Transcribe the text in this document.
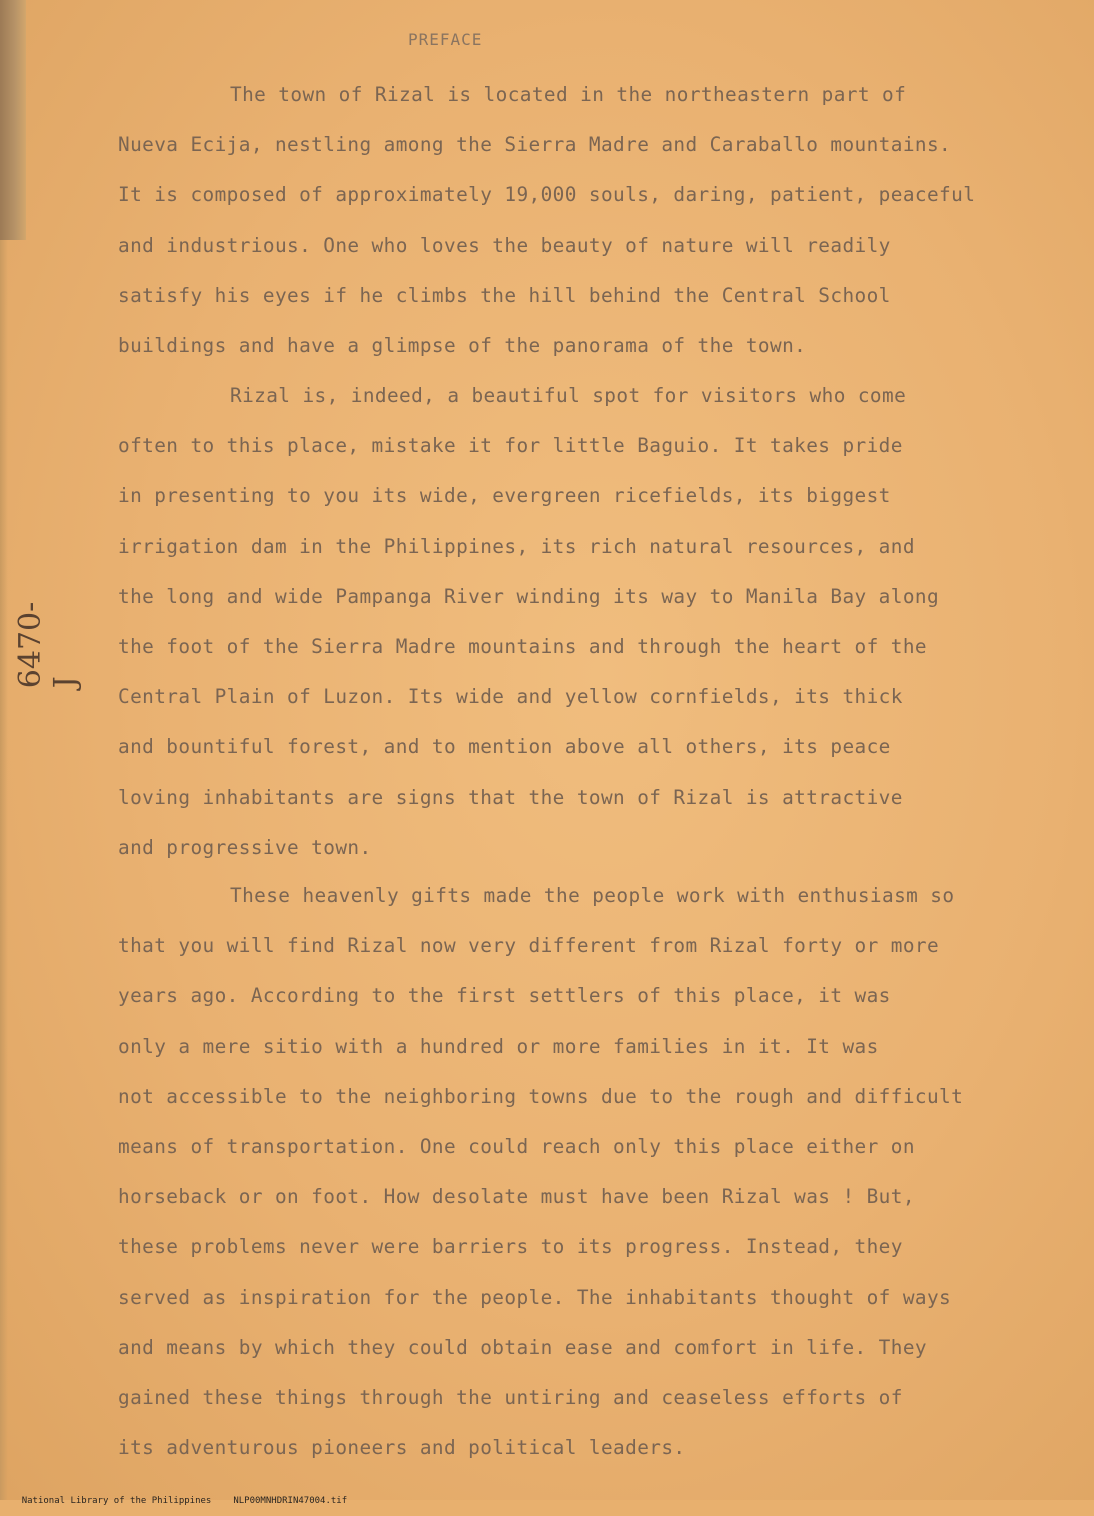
PREFACE
6470-J
The town of Rizal is located in the northeastern part of
Nueva Ecija, nestling among the Sierra Madre and Caraballo mountains.
It is composed of approximately 19,000 souls, daring, patient, peaceful
and industrious. One who loves the beauty of nature will readily
satisfy his eyes if he climbs the hill behind the Central School
buildings and have a glimpse of the panorama of the town.
Rizal is, indeed, a beautiful spot for visitors who come
often to this place, mistake it for little Baguio. It takes pride
in presenting to you its wide, evergreen ricefields, its biggest
irrigation dam in the Philippines, its rich natural resources, and
the long and wide Pampanga River winding its way to Manila Bay along
the foot of the Sierra Madre mountains and through the heart of the
Central Plain of Luzon. Its wide and yellow cornfields, its thick
and bountiful forest, and to mention above all others, its peace
loving inhabitants are signs that the town of Rizal is attractive
and progressive town.
These heavenly gifts made the people work with enthusiasm so
that you will find Rizal now very different from Rizal forty or more
years ago. According to the first settlers of this place, it was
only a mere sitio with a hundred or more families in it. It was
not accessible to the neighboring towns due to the rough and difficult
means of transportation. One could reach only this place either on
horseback or on foot. How desolate must have been Rizal was ! But,
these problems never were barriers to its progress. Instead, they
served as inspiration for the people. The inhabitants thought of ways
and means by which they could obtain ease and comfort in life. They
gained these things through the untiring and ceaseless efforts of
its adventurous pioneers and political leaders.

National Library of the Philippines NLP00MNHDRIN47004.tif
